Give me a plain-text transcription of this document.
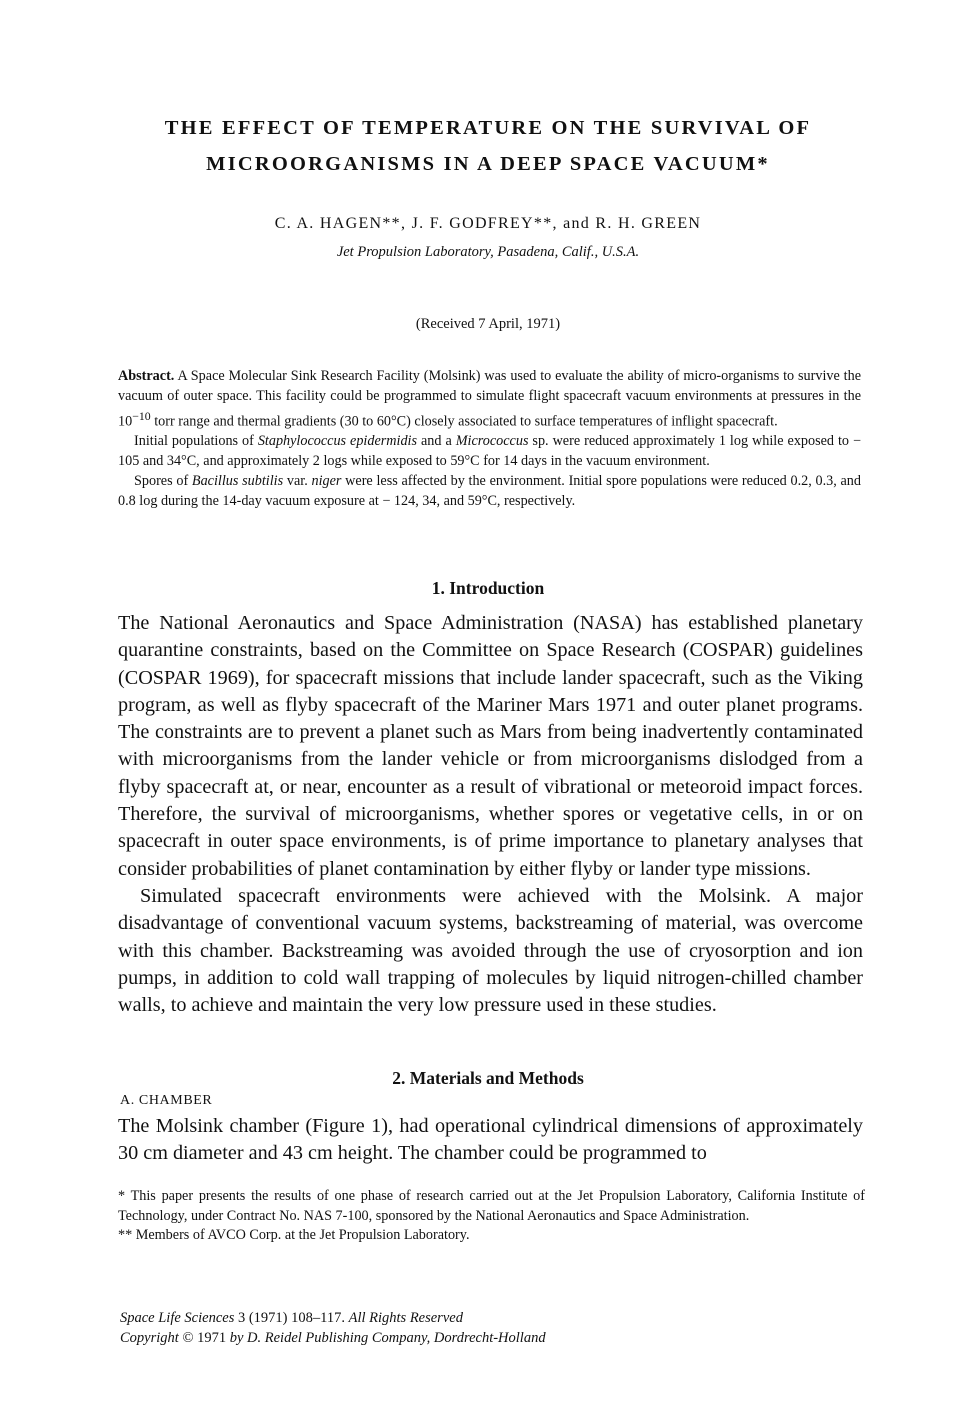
THE EFFECT OF TEMPERATURE ON THE SURVIVAL OF
MICROORGANISMS IN A DEEP SPACE VACUUM*
C. A. HAGEN**, J. F. GODFREY**, and R. H. GREEN
Jet Propulsion Laboratory, Pasadena, Calif., U.S.A.
(Received 7 April, 1971)

Abstract. A Space Molecular Sink Research Facility (Molsink) was used to evaluate the ability of micro-organisms to survive the vacuum of outer space. This facility could be programmed to simulate flight spacecraft vacuum environments at pressures in the $10^{-10}$ torr range and thermal gradients (30 to 60°C) closely associated to surface temperatures of inflight spacecraft.

Initial populations of Staphylococcus epidermidis and a Micrococcus sp. were reduced approximately 1 log while exposed to − 105 and 34°C, and approximately 2 logs while exposed to 59°C for 14 days in the vacuum environment.

Spores of Bacillus subtilis var. niger were less affected by the environment. Initial spore populations were reduced 0.2, 0.3, and 0.8 log during the 14-day vacuum exposure at − 124, 34, and 59°C, respectively.

1. Introduction

The National Aeronautics and Space Administration (NASA) has established planetary quarantine constraints, based on the Committee on Space Research (COSPAR) guidelines (COSPAR 1969), for spacecraft missions that include lander spacecraft, such as the Viking program, as well as flyby spacecraft of the Mariner Mars 1971 and outer planet programs. The constraints are to prevent a planet such as Mars from being inadvertently contaminated with microorganisms from the lander vehicle or from microorganisms dislodged from a flyby spacecraft at, or near, encounter as a result of vibrational or meteoroid impact forces. Therefore, the survival of microorganisms, whether spores or vegetative cells, in or on spacecraft in outer space environments, is of prime importance to planetary analyses that consider probabilities of planet contamination by either flyby or lander type missions.

Simulated spacecraft environments were achieved with the Molsink. A major disadvantage of conventional vacuum systems, backstreaming of material, was overcome with this chamber. Backstreaming was avoided through the use of cryosorption and ion pumps, in addition to cold wall trapping of molecules by liquid nitrogen-chilled chamber walls, to achieve and maintain the very low pressure used in these studies.

2. Materials and Methods
A. CHAMBER

The Molsink chamber (Figure 1), had operational cylindrical dimensions of approximately 30 cm diameter and 43 cm height. The chamber could be programmed to

* This paper presents the results of one phase of research carried out at the Jet Propulsion Laboratory, California Institute of Technology, under Contract No. NAS 7-100, sponsored by the National Aeronautics and Space Administration.

** Members of AVCO Corp. at the Jet Propulsion Laboratory.

Space Life Sciences 3 (1971) 108–117. All Rights Reserved

Copyright © 1971 by D. Reidel Publishing Company, Dordrecht-Holland
